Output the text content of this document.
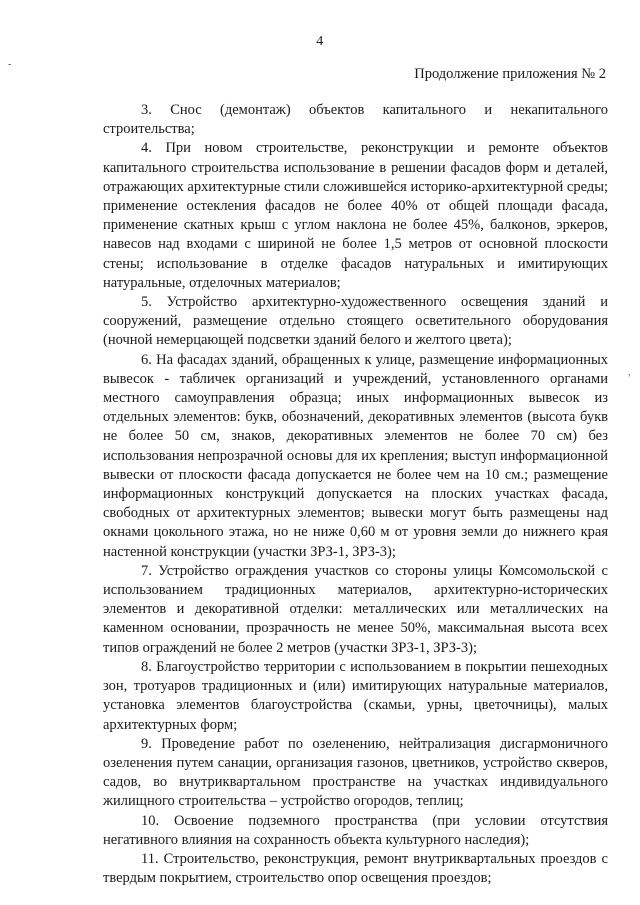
4
Продолжение приложения № 2

3. Снос (демонтаж) объектов капитального и некапитального строительства;

4. При новом строительстве, реконструкции и ремонте объектов капитального строительства использование в решении фасадов форм и деталей, отражающих архитектурные стили сложившейся историко-архитектурной среды; применение остекления фасадов не более 40% от общей площади фасада, применение скатных крыш с углом наклона не более 45%, балконов, эркеров, навесов над входами с шириной не более 1,5 метров от основной плоскости стены; использование в отделке фасадов натуральных и имитирующих натуральные, отделочных материалов;

5. Устройство архитектурно-художественного освещения зданий и сооружений, размещение отдельно стоящего осветительного оборудования (ночной немерцающей подсветки зданий белого и желтого цвета);

6. На фасадах зданий, обращенных к улице, размещение информационных вывесок - табличек организаций и учреждений, установленного органами местного самоуправления образца; иных информационных вывесок из отдельных элементов: букв, обозначений, декоративных элементов (высота букв не более 50 см, знаков, декоративных элементов не более 70 см) без использования непрозрачной основы для их крепления; выступ информационной вывески от плоскости фасада допускается не более чем на 10 см.; размещение информационных конструкций допускается на плоских участках фасада, свободных от архитектурных элементов; вывески могут быть размещены над окнами цокольного этажа, но не ниже 0,60 м от уровня земли до нижнего края настенной конструкции (участки ЗРЗ-1, ЗРЗ-3);

7. Устройство ограждения участков со стороны улицы Комсомольской с использованием традиционных материалов, архитектурно-исторических элементов и декоративной отделки: металлических или металлических на каменном основании, прозрачность не менее 50%, максимальная высота всех типов ограждений не более 2 метров (участки ЗРЗ-1, ЗРЗ-3);

8. Благоустройство территории с использованием в покрытии пешеходных зон, тротуаров традиционных и (или) имитирующих натуральные материалов, установка элементов благоустройства (скамьи, урны, цветочницы), малых архитектурных форм;

9. Проведение работ по озеленению, нейтрализация дисгармоничного озеленения путем санации, организация газонов, цветников, устройство скверов, садов, во внутриквартальном пространстве на участках индивидуального жилищного строительства – устройство огородов, теплиц;

10. Освоение подземного пространства (при условии отсутствия негативного влияния на сохранность объекта культурного наследия);

11. Строительство, реконструкция, ремонт внутриквартальных проездов с твердым покрытием, строительство опор освещения проездов;

-
,
